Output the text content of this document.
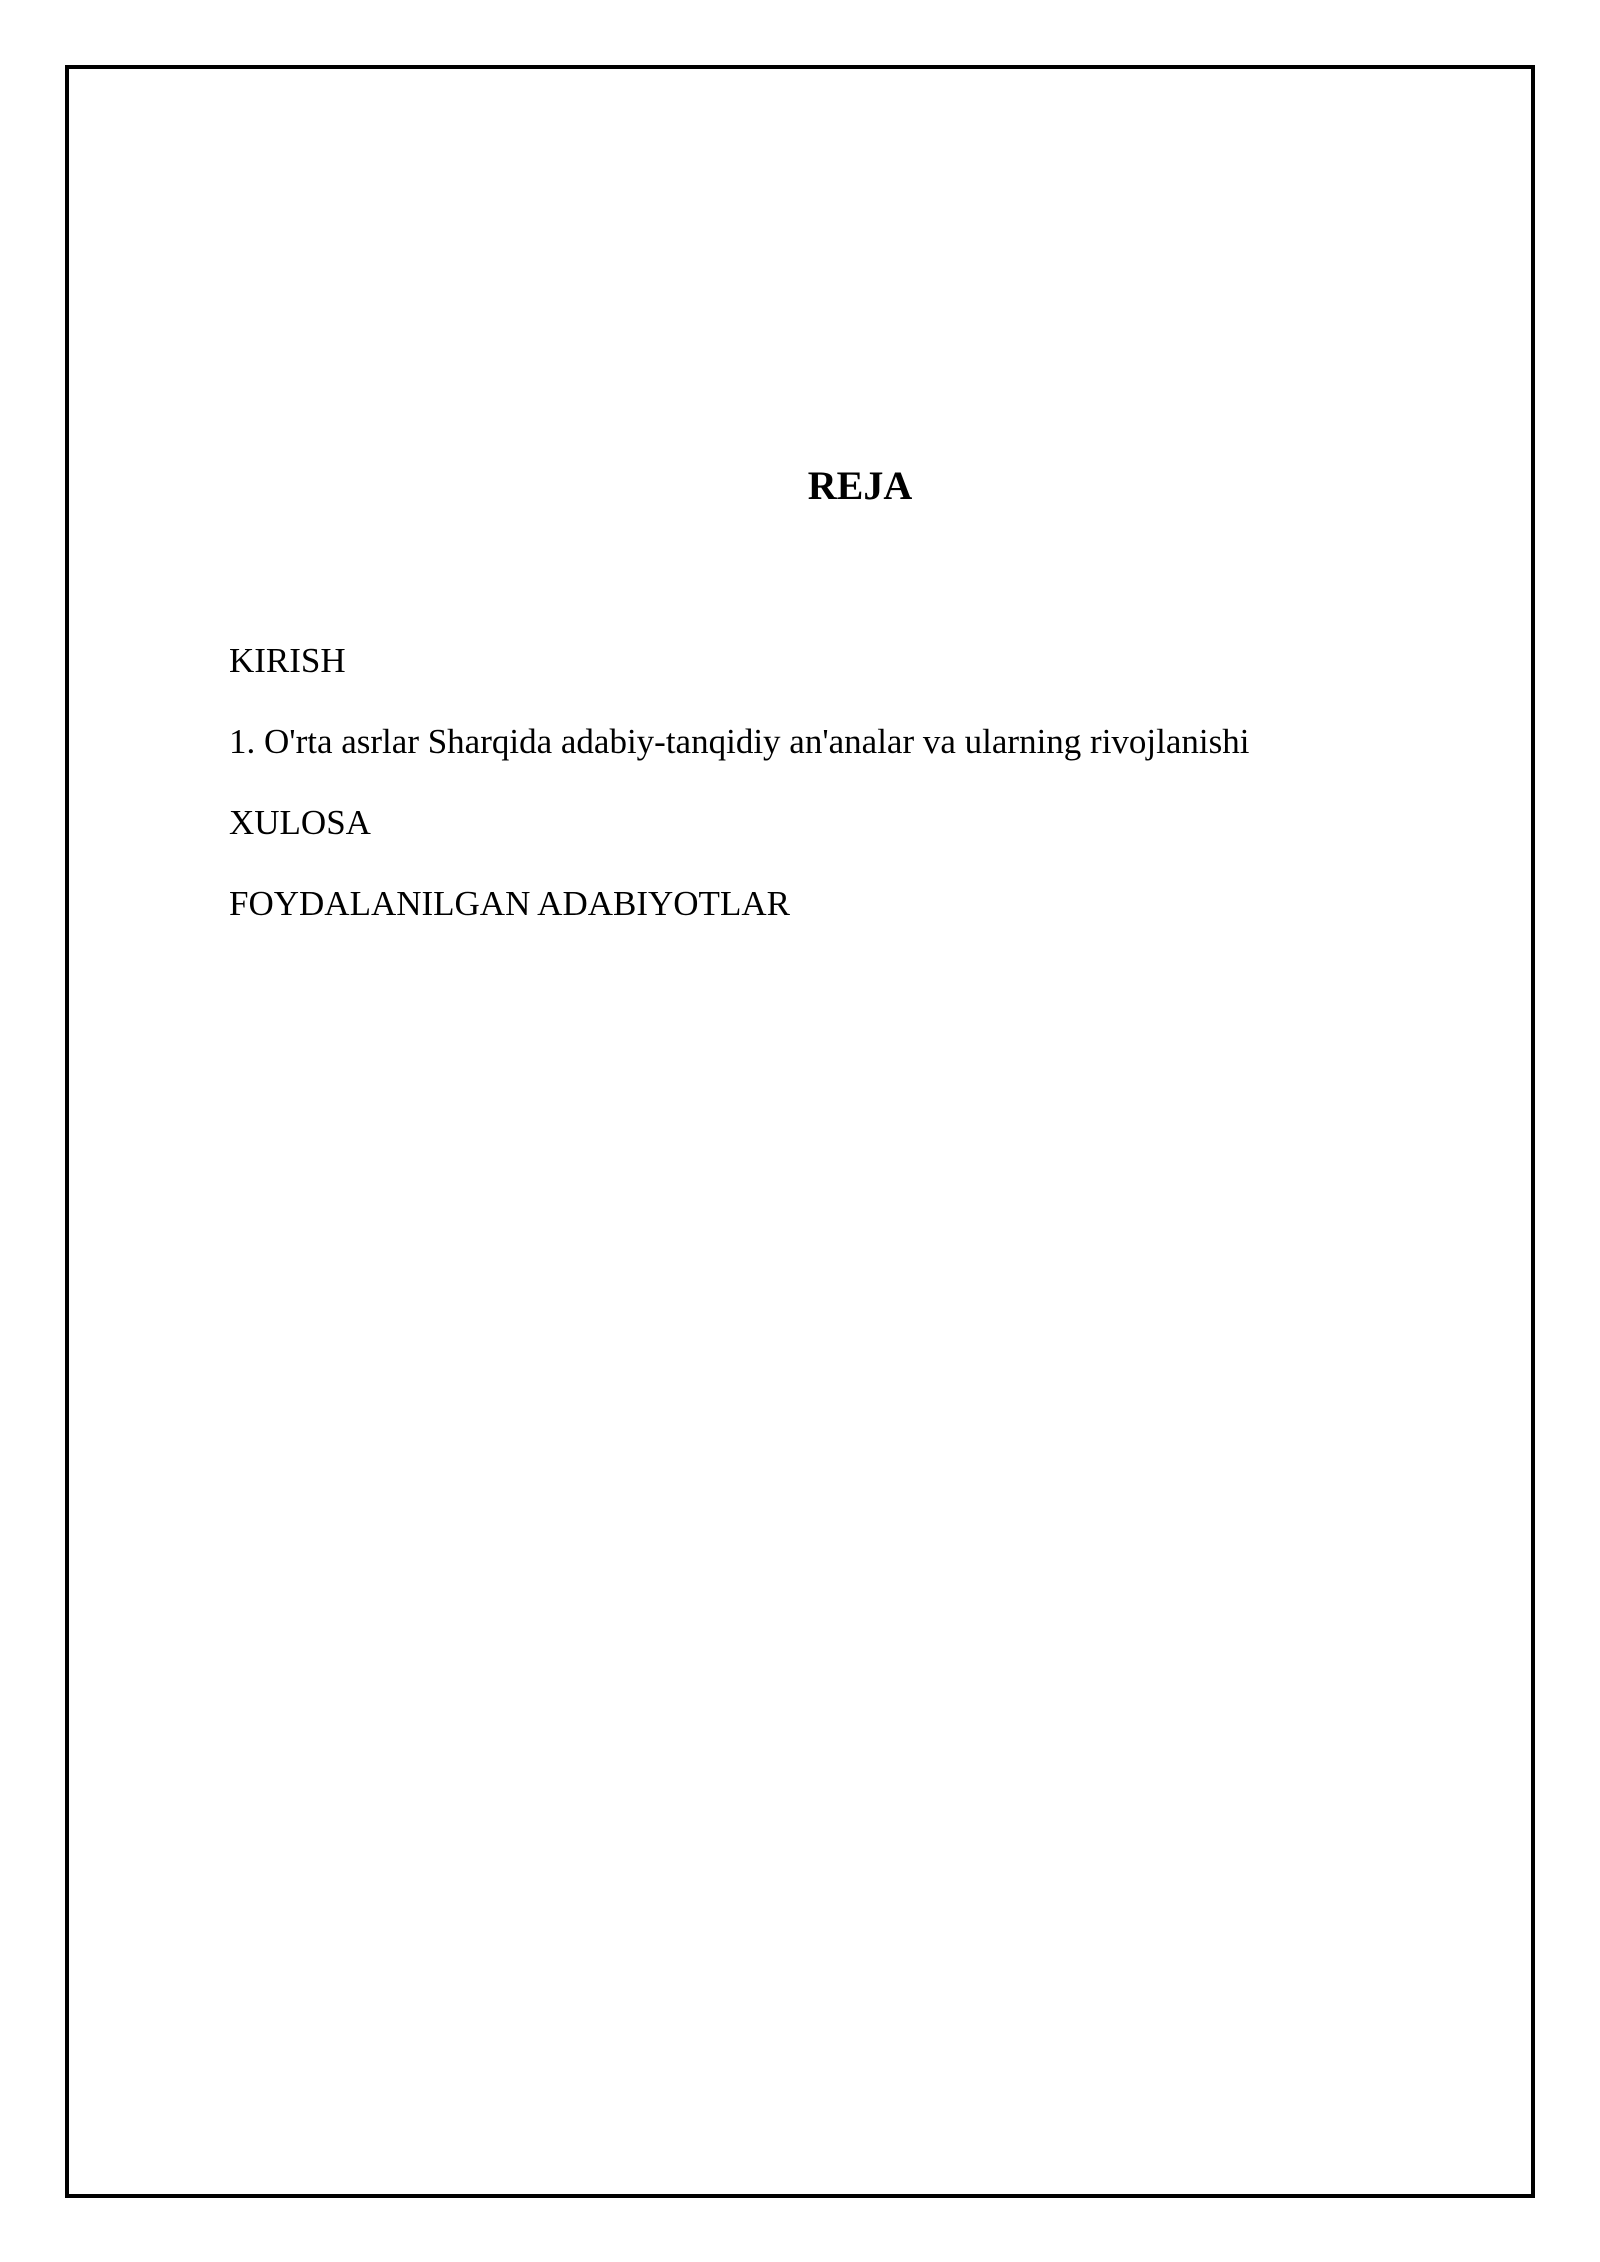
REJA
KIRISH
1. O'rta asrlar Sharqida adabiy-tanqidiy an'analar va ularning rivojlanishi
XULOSA
FOYDALANILGAN ADABIYOTLAR
